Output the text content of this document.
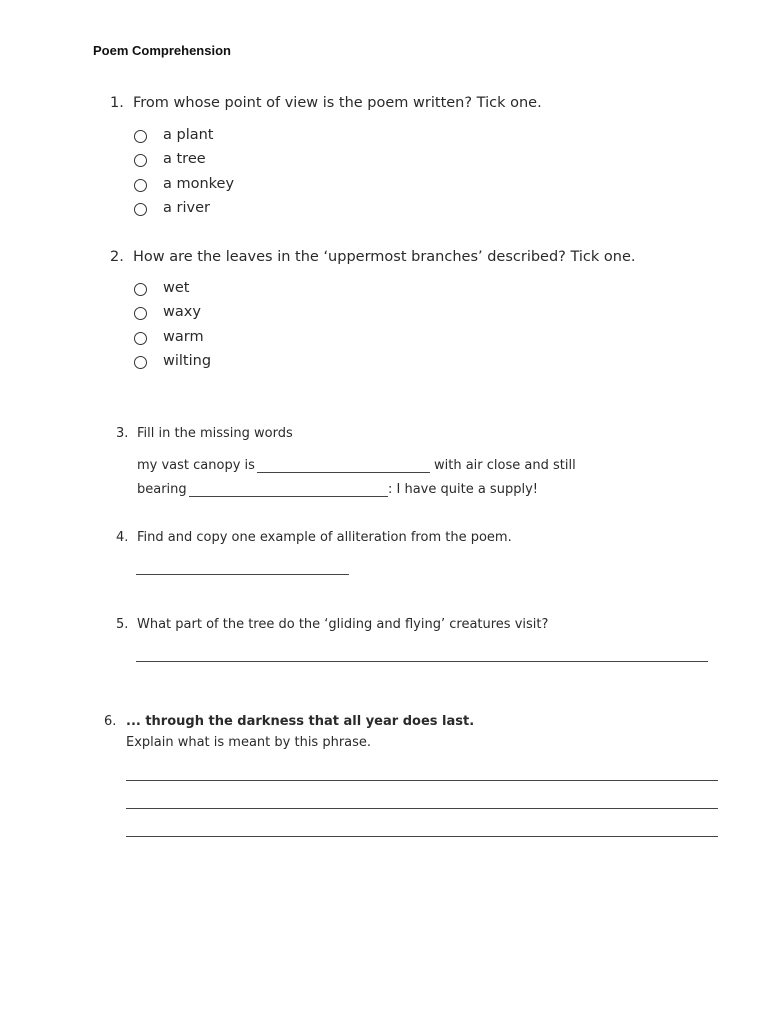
Poem Comprehension
1. From whose point of view is the poem written? Tick one.
a plant
a tree
a monkey
a river
2. How are the leaves in the ‘uppermost branches’ described? Tick one.
wet
waxy
warm
wilting
3. Fill in the missing words
my vast canopy is	with air close and still
bearing	: I have quite a supply!
4. Find and copy one example of alliteration from the poem.
5. What part of the tree do the ‘gliding and flying’ creatures visit?
6. ... through the darkness that all year does last.
Explain what is meant by this phrase.
